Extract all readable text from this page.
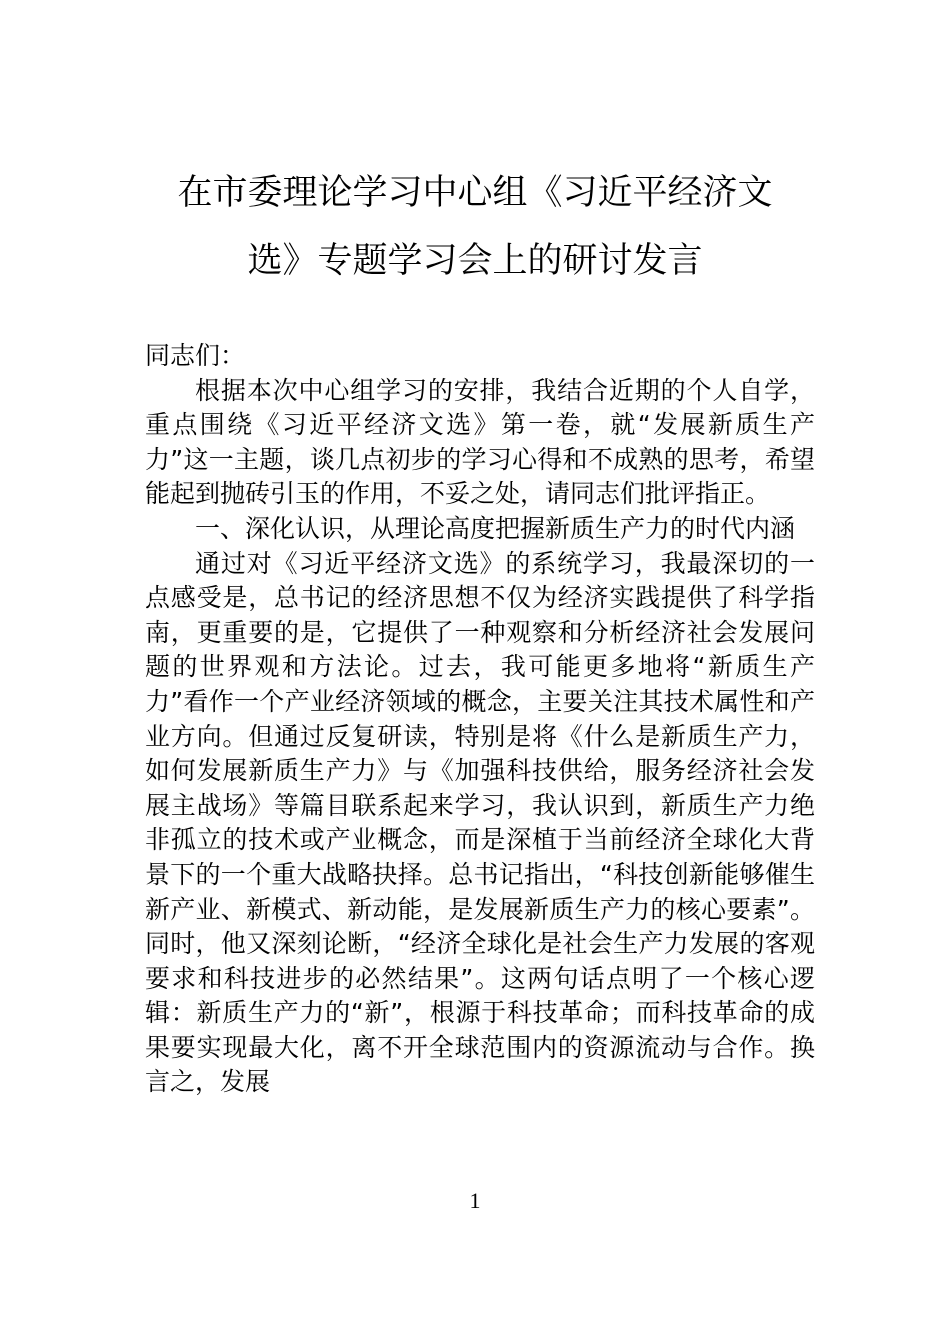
在市委理论学习中心组《习近平经济文
选》专题学习会上的研讨发言

同志们：

根据本次中心组学习的安排，我结合近期的个人自学，重点围绕《习近平经济文选》第一卷，就“发展新质生产力”这一主题，谈几点初步的学习心得和不成熟的思考，希望能起到抛砖引玉的作用，不妥之处，请同志们批评指正。

一、深化认识，从理论高度把握新质生产力的时代内涵

通过对《习近平经济文选》的系统学习，我最深切的一点感受是，总书记的经济思想不仅为经济实践提供了科学指南，更重要的是，它提供了一种观察和分析经济社会发展问题的世界观和方法论。过去，我可能更多地将“新质生产力”看作一个产业经济领域的概念，主要关注其技术属性和产业方向。但通过反复研读，特别是将《什么是新质生产力，如何发展新质生产力》与《加强科技供给，服务经济社会发展主战场》等篇目联系起来学习，我认识到，新质生产力绝非孤立的技术或产业概念，而是深植于当前经济全球化大背景下的一个重大战略抉择。总书记指出，“科技创新能够催生新产业、新模式、新动能，是发展新质生产力的核心要素”。同时，他又深刻论断，“经济全球化是社会生产力发展的客观要求和科技进步的必然结果”。这两句话点明了一个核心逻辑：新质生产力的“新”，根源于科技革命；而科技革命的成果要实现最大化，离不开全球范围内的资源流动与合作。换言之，发展

1
